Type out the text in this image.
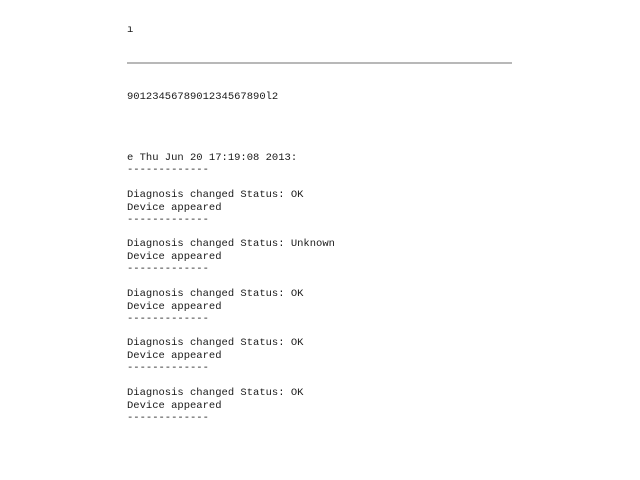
ı
9012345678901234567890l2
e Thu Jun 20 17:19:08 2013:
-------------
Diagnosis changed Status: OK
Device appeared
-------------
Diagnosis changed Status: Unknown
Device appeared
-------------
Diagnosis changed Status: OK
Device appeared
-------------
Diagnosis changed Status: OK
Device appeared
-------------
Diagnosis changed Status: OK
Device appeared
-------------
